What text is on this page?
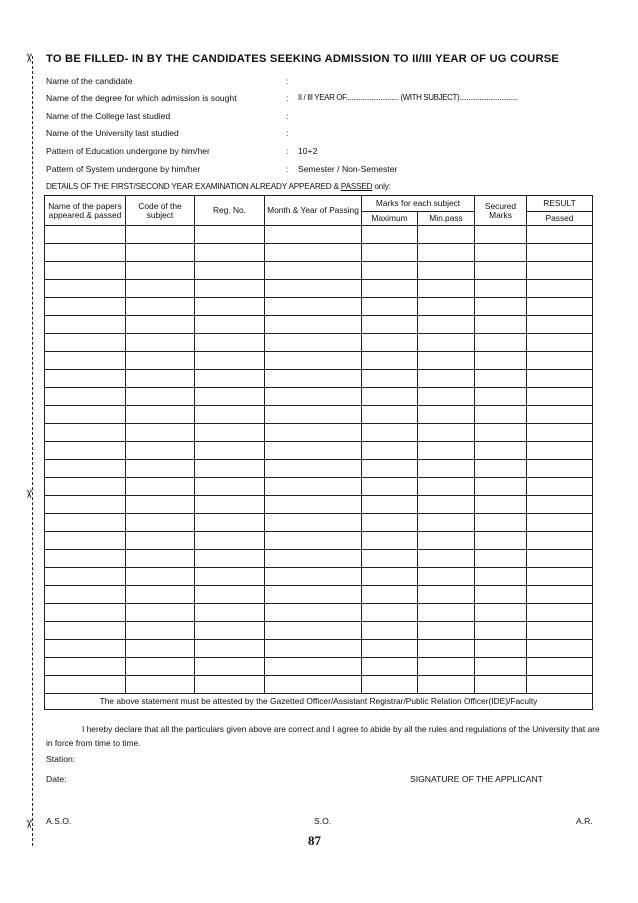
✂
✂
✂
TO BE FILLED- IN BY THE CANDIDATES SEEKING ADMISSION TO II/III YEAR OF UG COURSE
Name of the candidate	:
Name of the degree for which admission is sought	: II / III YEAR OF............................. (WITH SUBJECT)................................
Name of the College last studied	:
Name of the University last studied	:
Pattern of Education undergone by him/her	: 10+2
Pattern of System undergone by him/her	: Semester / Non-Semester
DETAILS OF THE FIRST/SECOND YEAR EXAMINATION ALREADY APPEARED & PASSED only:
Name of the papers appeared & passed	Code of the subject	Reg. No.	Month & Year of Passing	Marks for each subject		Secured Marks	RESULT
				Maximum	Min.pass		Passed

The above statement must be attested by the Gazetted Officer/Assistant Registrar/Public Relation Officer(IDE)/Faculty							

I hereby declare that all the particulars given above are correct and I agree to abide by all the rules and regulations of the University that are in force from time to time.

Station:
Date:	SIGNATURE OF THE APPLICANT
A.S.O.	S.O.	A.R.
87
